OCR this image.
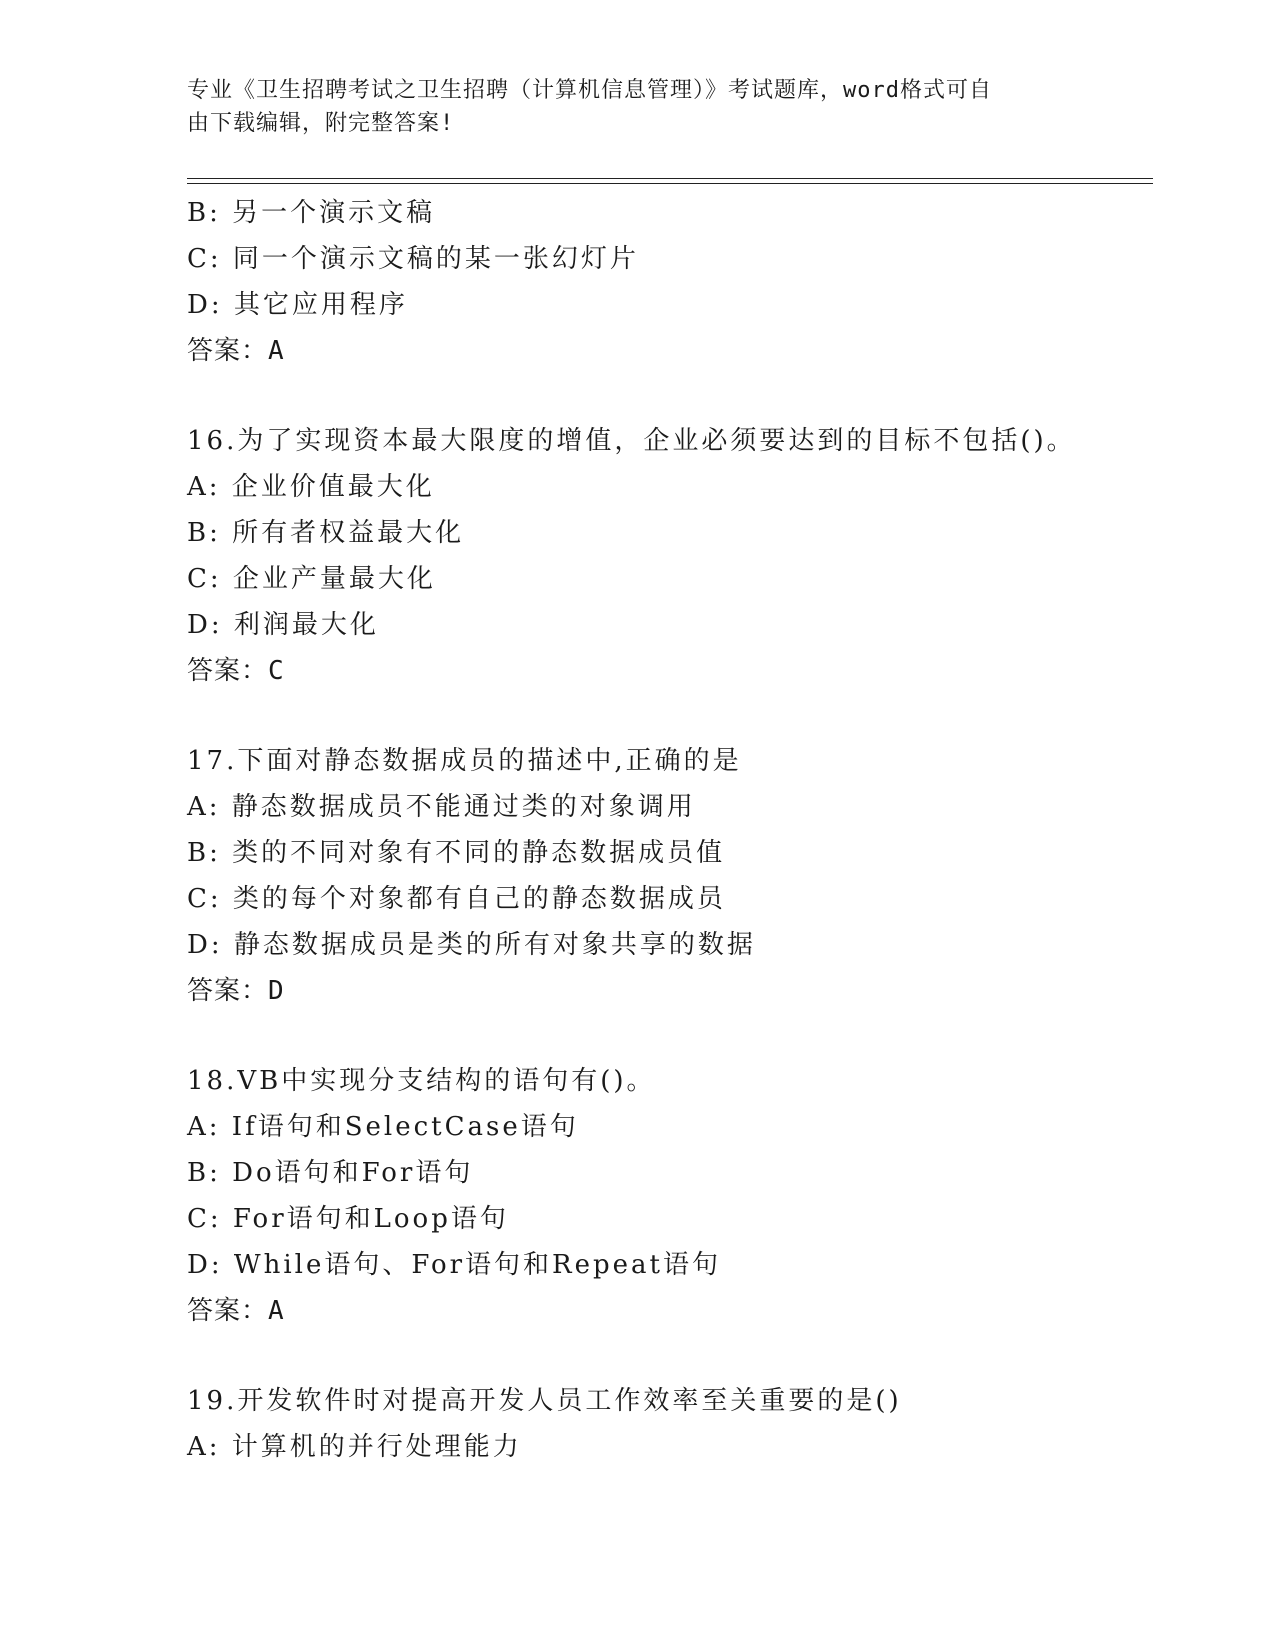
专业《卫生招聘考试之卫生招聘（计算机信息管理）》考试题库，word格式可自
由下载编辑，附完整答案!
B: 另一个演示文稿
C: 同一个演示文稿的某一张幻灯片
D: 其它应用程序
答案：A
16.为了实现资本最大限度的增值，企业必须要达到的目标不包括()。
A: 企业价值最大化
B: 所有者权益最大化
C: 企业产量最大化
D: 利润最大化
答案：C
17.下面对静态数据成员的描述中,正确的是
A: 静态数据成员不能通过类的对象调用
B: 类的不同对象有不同的静态数据成员值
C: 类的每个对象都有自己的静态数据成员
D: 静态数据成员是类的所有对象共享的数据
答案：D
18.VB中实现分支结构的语句有()。
A: If语句和SelectCase语句
B: Do语句和For语句
C: For语句和Loop语句
D: While语句、For语句和Repeat语句
答案：A
19.开发软件时对提高开发人员工作效率至关重要的是()
A: 计算机的并行处理能力
